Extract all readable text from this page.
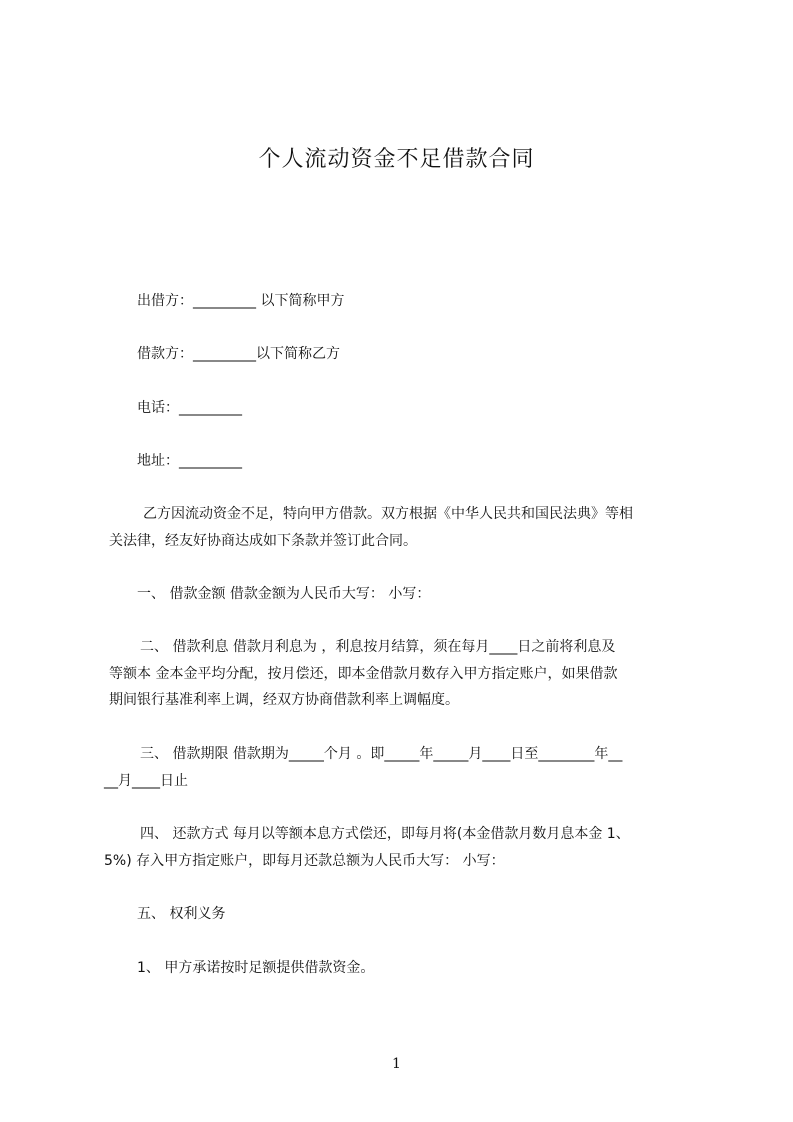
个人流动资金不足借款合同

出借方：_________ 以下简称甲方

借款方：_________以下简称乙方

电话：_________

地址：_________

乙方因流动资金不足，特向甲方借款。双方根据《中华人民共和国民法典》等相

关法律，经友好协商达成如下条款并签订此合同。

一、 借款金额 借款金额为人民币大写： 小写：

二、 借款利息 借款月利息为 ，利息按月结算，须在每月____日之前将利息及

等额本 金本金平均分配，按月偿还，即本金借款月数存入甲方指定账户，如果借款

期间银行基准利率上调，经双方协商借款利率上调幅度。

三、 借款期限 借款期为_____个月 。即_____年_____月____日至________年__

__月____日止

四、 还款方式 每月以等额本息方式偿还，即每月将(本金借款月数月息本金 1、

5%) 存入甲方指定账户，即每月还款总额为人民币大写： 小写：

五、 权利义务

1、 甲方承诺按时足额提供借款资金。

1
